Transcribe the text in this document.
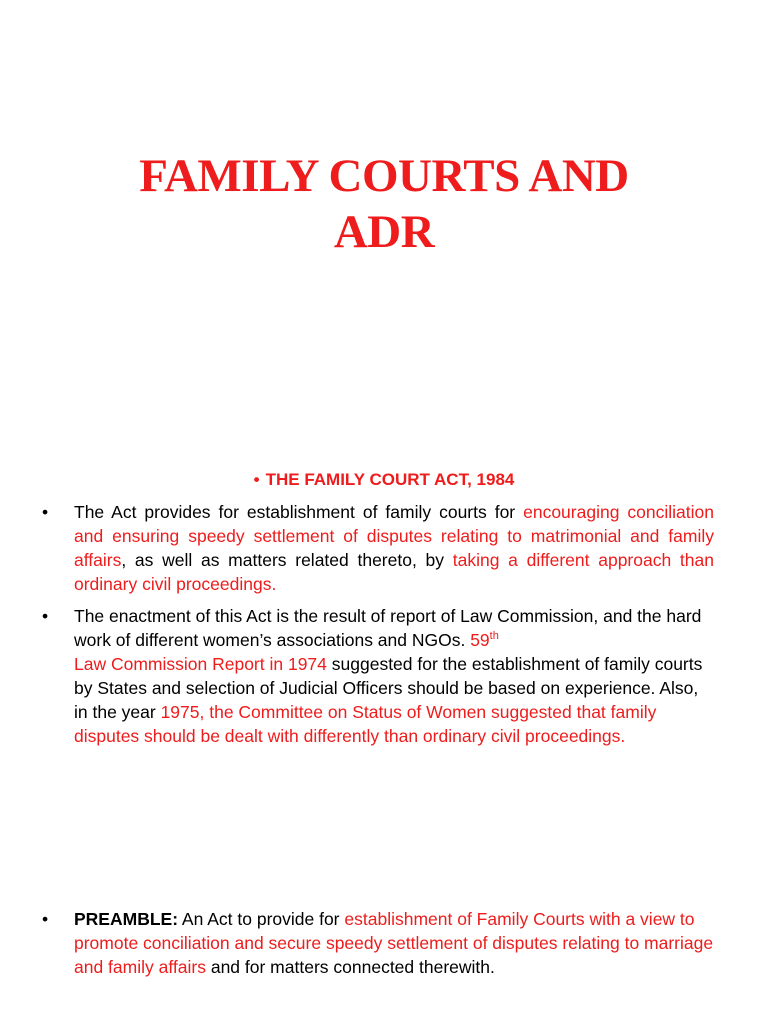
FAMILY COURTS AND
ADR
• THE FAMILY COURT ACT, 1984
• The Act provides for establishment of family courts for encouraging conciliation and ensuring speedy settlement of disputes relating to matrimonial and family affairs, as well as matters related thereto, by taking a different approach than ordinary civil proceedings.
• The enactment of this Act is the result of report of Law Commission, and the hard work of different women’s associations and NGOs. 59th
Law Commission Report in 1974 suggested for the establishment of family courts by States and selection of Judicial Officers should be based on experience. Also, in the year 1975, the Committee on Status of Women suggested that family disputes should be dealt with differently than ordinary civil proceedings.
• PREAMBLE: An Act to provide for establishment of Family Courts with a view to promote conciliation and secure speedy settlement of disputes relating to marriage and family affairs and for matters connected therewith.
